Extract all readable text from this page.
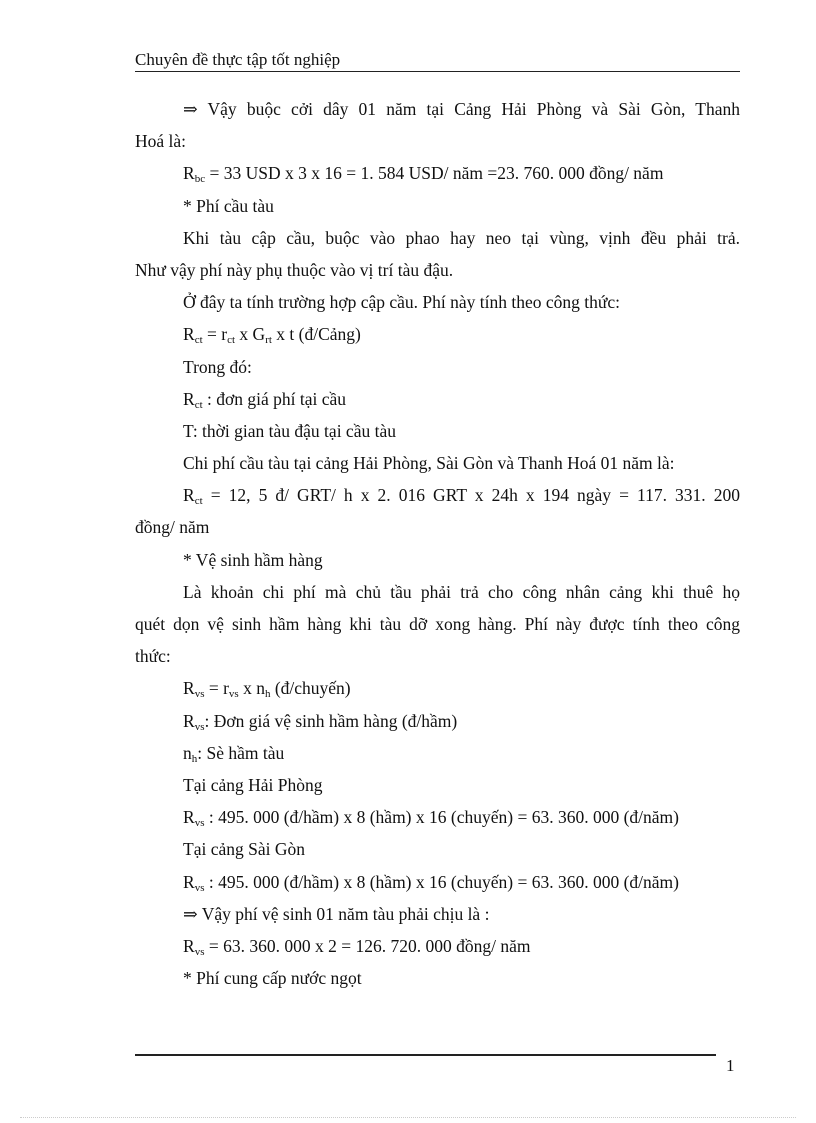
Chuyên đề thực tập tốt nghiệp
⇒ Vậy buộc cởi dây 01 năm tại Cảng Hải Phòng và Sài Gòn, Thanh
Hoá là:
$R_{bc} = 33$ USD x 3 x 16 = 1. 584 USD/ năm =23. 760. 000 đồng/ năm
* Phí cầu tàu
Khi tàu cập cầu, buộc vào phao hay neo tại vùng, vịnh đều phải trả.
Như vậy phí này phụ thuộc vào vị trí tàu đậu.
Ở đây ta tính trường hợp cập cầu. Phí này tính theo công thức:
$R_{ct} = r_{ct}$ x $G_{rt}$ x t (đ/Cảng)
Trong đó:
$R_{ct}$ : đơn giá phí tại cầu
T: thời gian tàu đậu tại cầu tàu
Chi phí cầu tàu tại cảng Hải Phòng, Sài Gòn và Thanh Hoá 01 năm là:
$R_{ct} = 12$, 5 đ/ GRT/ h x 2. 016 GRT x 24h x 194 ngày = 117. 331. 200
đồng/ năm
* Vệ sinh hầm hàng
Là khoản chi phí mà chủ tầu phải trả cho công nhân cảng khi thuê họ
quét dọn vệ sinh hầm hàng khi tàu dỡ xong hàng. Phí này được tính theo công
thức:
$R_{vs} = r_{vs}$ x $n_h$ (đ/chuyến)
$R_{vs}$: Đơn giá vệ sinh hầm hàng (đ/hầm)
$n_h$: Sè hầm tàu
Tại cảng Hải Phòng
$R_{vs}$ : 495. 000 (đ/hầm) x 8 (hầm) x 16 (chuyến) = 63. 360. 000 (đ/năm)
Tại cảng Sài Gòn
$R_{vs}$ : 495. 000 (đ/hầm) x 8 (hầm) x 16 (chuyến) = 63. 360. 000 (đ/năm)
⇒ Vậy phí vệ sinh 01 năm tàu phải chịu là :
$R_{vs} = 63$. 360. 000 x 2 = 126. 720. 000 đồng/ năm
* Phí cung cấp nước ngọt
1
